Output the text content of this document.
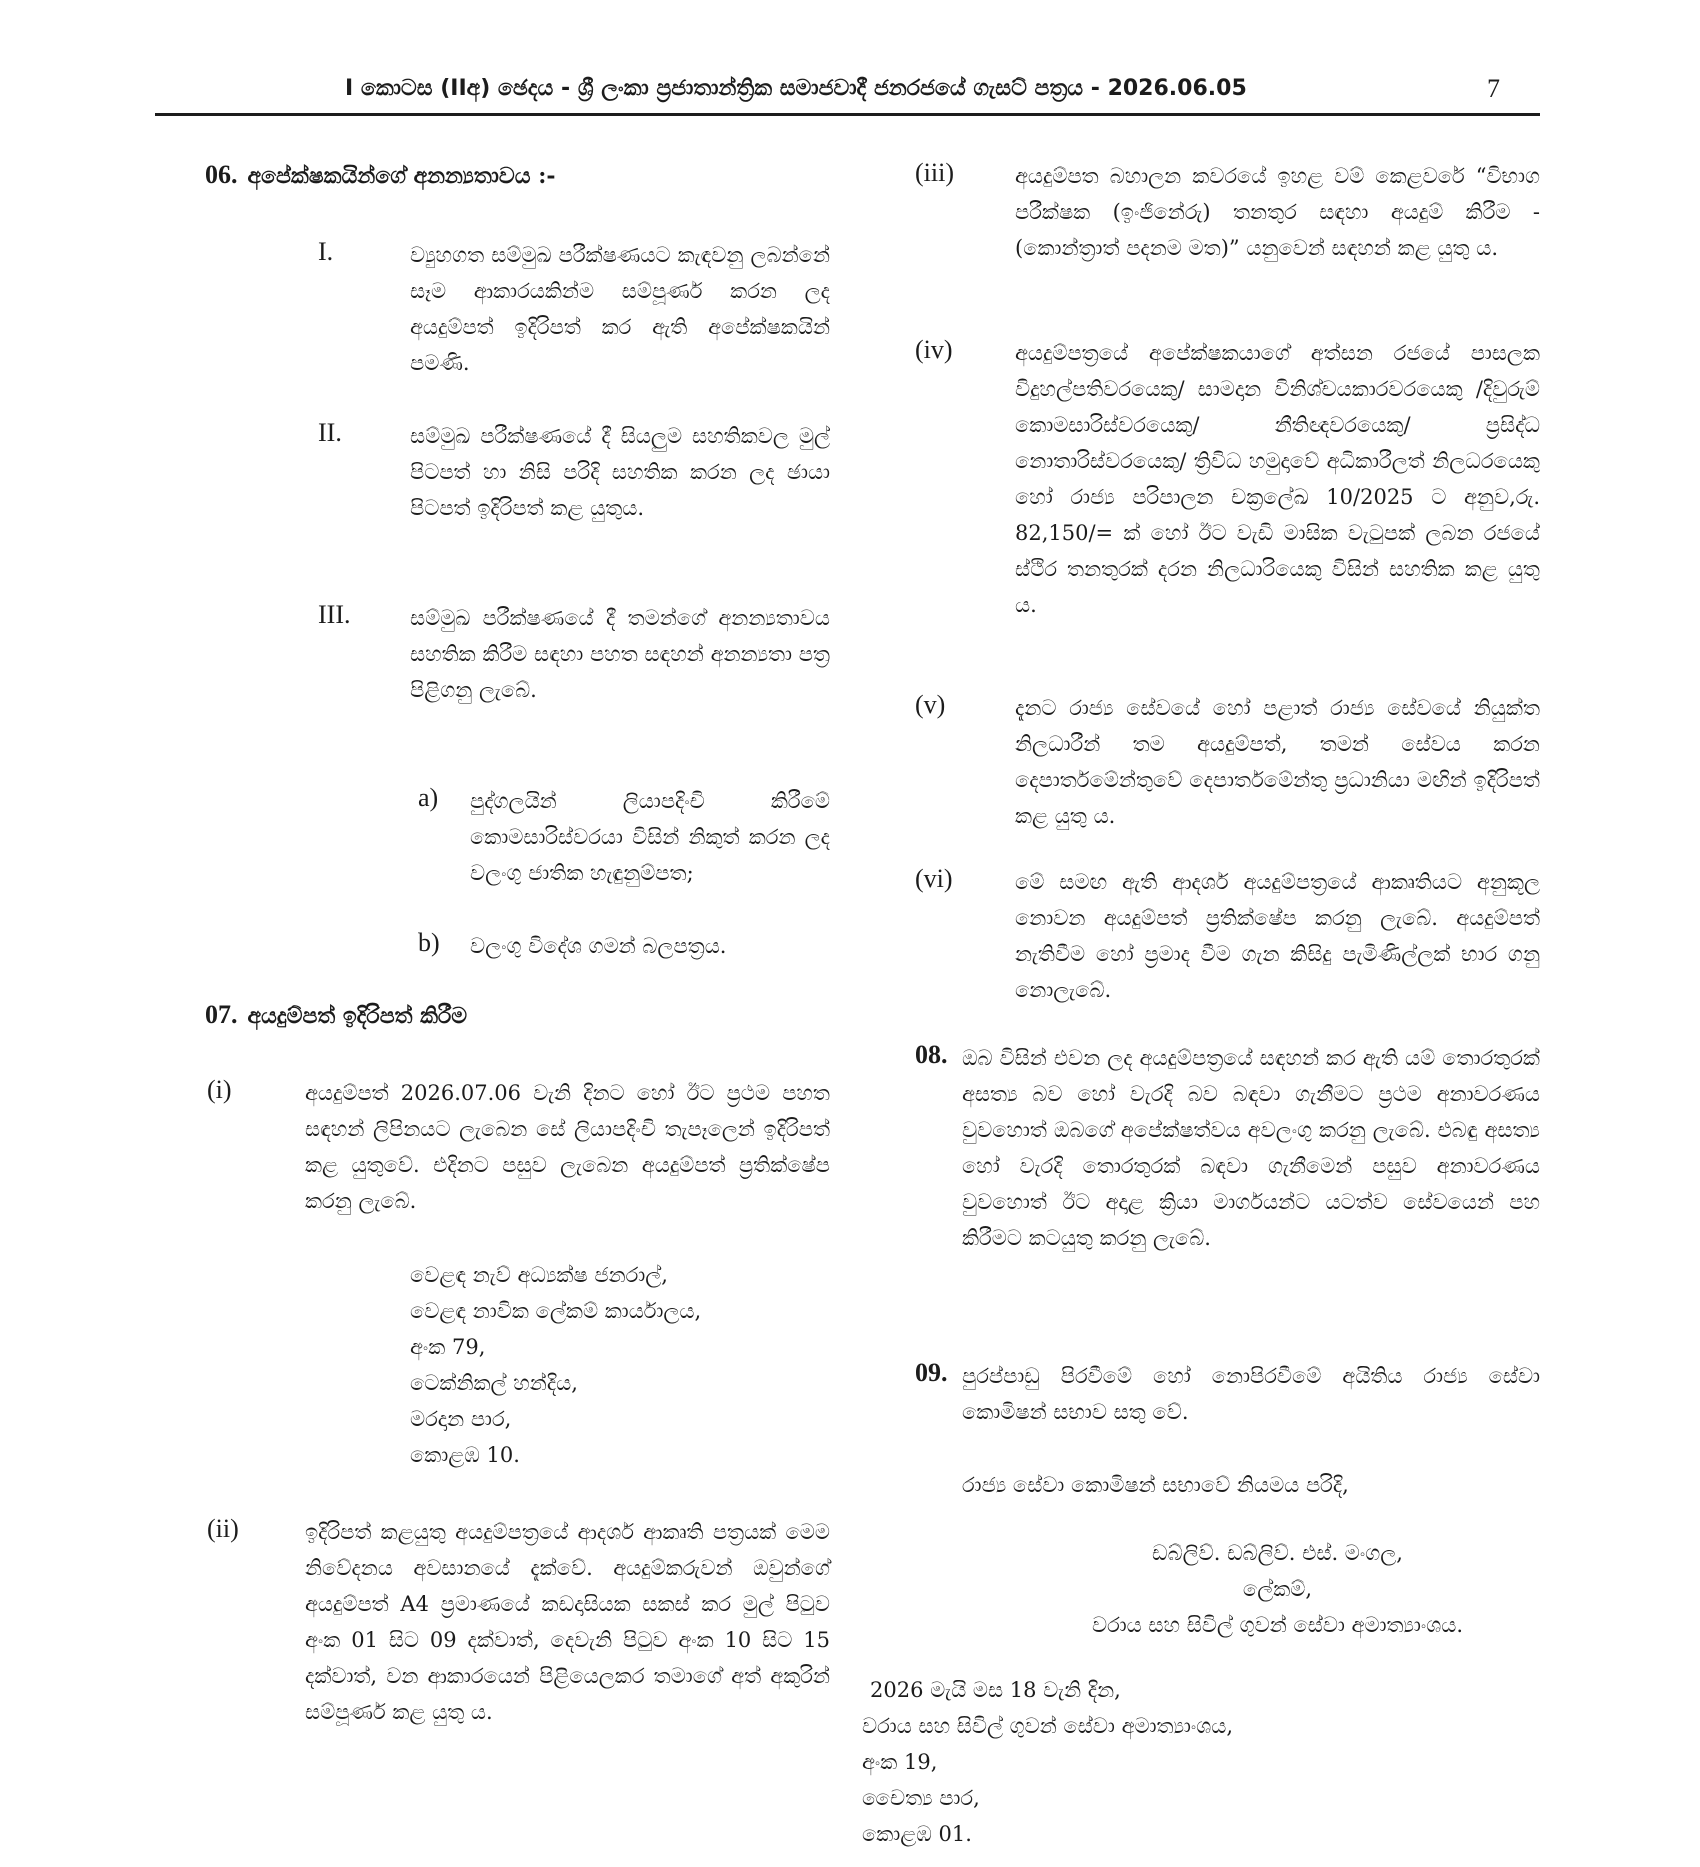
I කොටස (IIඅ) ඡෙදය - ශ්‍රී ලංකා ප්‍රජාතාන්ත්‍රික සමාජවාදී ජනරජයේ ගැසට් පත්‍රය - 2026.06.05	7
06. අපේක්ෂකයින්ගේ අනන්‍යතාවය :-
I.	ව්‍යුහගත සම්මුඛ පරීක්ෂණයට කැඳවනු ලබන්නේ සෑම ආකාරයකින්ම සම්පූර්ණ කරන ලද අයදුම්පත් ඉදිරිපත් කර ඇති අපේක්ෂකයින් පමණි.
II.	සම්මුඛ පරීක්ෂණයේ දී සියලුම සහතිකවල මුල් පිටපත් හා නිසි පරිදි සහතික කරන ලද ඡායා පිටපත් ඉදිරිපත් කළ යුතුය.
III.	සම්මුඛ පරීක්ෂණයේ දී තමන්ගේ අනන්‍යතාවය සහතික කිරීම සඳහා පහත සඳහන් අනන්‍යතා පත්‍ර පිළිගනු ලැබේ.
a) පුද්ගලයින් ලියාපදිංචි කිරීමේ කොමසාරිස්වරයා විසින් නිකුත් කරන ලද වලංගු ජාතික හැඳුනුම්පත;
b) වලංගු විදේශ ගමන් බලපත්‍රය.
07. අයදුම්පත් ඉදිරිපත් කිරීම
(i)	අයදුම්පත් 2026.07.06 වැනි දිනට හෝ ඊට ප්‍රථම පහත සඳහන් ලිපිනයට ලැබෙන සේ ලියාපදිංචි තැපෑලෙන් ඉදිරිපත් කළ යුතුවේ. එදිනට පසුව ලැබෙන අයදුම්පත් ප්‍රතික්ෂේප කරනු ලැබේ.
වෙළඳ නැව් අධ්‍යක්ෂ ජනරාල්,
වෙළඳ නාවික ලේකම් කාර්යාලය,
අංක 79,
ටෙක්නිකල් හන්දිය,
මරදාන පාර,
කොළඹ 10.
(ii)	ඉදිරිපත් කළයුතු අයදුම්පත්‍රයේ ආදර්ශ ආකෘති පත්‍රයක් මෙම නිවේදනය අවසානයේ දැක්වේ. අයදුම්කරුවන් ඔවුන්ගේ අයදුම්පත් A4 ප්‍රමාණයේ කඩදාසියක සකස් කර මුල් පිටුව අංක 01 සිට 09 දක්වාත්, දෙවැනි පිටුව අංක 10 සිට 15 දක්වාත්, වන ආකාරයෙන් පිළියෙලකර තමාගේ අත් අකුරින් සම්පූර්ණ කළ යුතු ය.
(iii)	අයදුම්පත බහාලන කවරයේ ඉහළ වම් කෙළවරේ “විභාග පරීක්ෂක (ඉංජිනේරු) තනතුර සඳහා අයදුම් කිරීම - (කොන්ත්‍රාත් පදනම මත)” යනුවෙන් සඳහන් කළ යුතු ය.
(iv)	අයදුම්පත්‍රයේ අපේක්ෂකයාගේ අත්සන රජයේ පාසලක විදුහල්පතිවරයෙකු/ සාමදාන විනිශ්චයකාරවරයෙකු /දිවුරුම් කොමසාරිස්වරයෙකු/ නීතිඥවරයෙකු/ ප්‍රසිද්ධ නොතාරිස්වරයෙකු/ ත්‍රිවිධ හමුදාවේ අධිකාරීලත් නිලධරයෙකු හෝ රාජ්‍ය පරිපාලන චක්‍රලේඛ 10/2025 ට අනුව,රු. 82,150/= ක් හෝ ඊට වැඩි මාසික වැටුපක් ලබන රජයේ ස්ථිර තනතුරක් දරන නිලධාරියෙකු විසින් සහතික කළ යුතු ය.
(v)	දැනට රාජ්‍ය සේවයේ හෝ පළාත් රාජ්‍ය සේවයේ නියුක්ත නිලධාරීන් තම අයදුම්පත්, තමන් සේවය කරන දෙපාර්තමේන්තුවේ දෙපාර්තමේන්තු ප්‍රධානියා මඟින් ඉදිරිපත් කළ යුතු ය.
(vi)	මේ සමඟ ඇති ආදර්ශ අයදුම්පත්‍රයේ ආකෘතියට අනුකූල නොවන අයදුම්පත් ප්‍රතික්ෂේප කරනු ලැබේ. අයදුම්පත් නැතිවීම හෝ ප්‍රමාද වීම ගැන කිසිදු පැමිණිල්ලක් භාර ගනු නොලැබේ.
08. ඔබ විසින් එවන ලද අයදුම්පත්‍රයේ සඳහන් කර ඇති යම් තොරතුරක් අසත්‍ය බව හෝ වැරදි බව බඳවා ගැනීමට ප්‍රථම අනාවරණය වුවහොත් ඔබගේ අපේක්ෂත්වය අවලංගු කරනු ලැබේ. එබඳු අසත්‍ය හෝ වැරදි තොරතුරක් බඳවා ගැනීමෙන් පසුව අනාවරණය වුවහොත් ඊට අදාළ ක්‍රියා මාර්ගයන්ට යටත්ව සේවයෙන් පහ කිරීමට කටයුතු කරනු ලැබේ.
09. පුරප්පාඩු පිරවීමේ හෝ නොපිරවීමේ අයිතිය රාජ්‍ය සේවා කොමිෂන් සභාව සතු වේ.
රාජ්‍ය සේවා කොමිෂන් සභාවේ නියමය පරිදි,
ඩබ්ලිව්. ඩබ්ලිව්. එස්. මංගල,
ලේකම්,
වරාය සහ සිවිල් ගුවන් සේවා අමාත්‍යාංශය.
2026 මැයි මස 18 වැනි දින,
වරාය සහ සිවිල් ගුවන් සේවා අමාත්‍යාංශය,
අංක 19,
චෛත්‍ය පාර,
කොළඹ 01.
